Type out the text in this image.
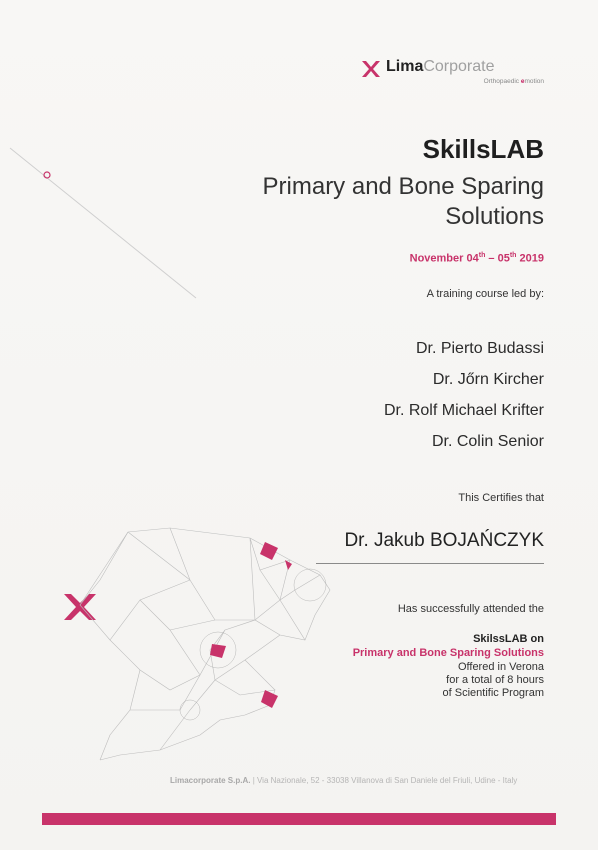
LimaCorporate
Orthopaedic emotion
SkillsLAB
Primary and Bone Sparing Solutions
November 04th – 05th 2019
A training course led by:
Dr. Pierto Budassi
Dr. Jőrn Kircher
Dr. Rolf Michael Krifter
Dr. Colin Senior
This Certifies that
Dr. Jakub BOJAŃCZYK
Has successfully attended the
SkilssLAB on
Primary and Bone Sparing Solutions
Offered in Verona
for a total of 8 hours
of Scientific Program
Limacorporate S.p.A. | Via Nazionale, 52 - 33038 Villanova di San Daniele del Friuli, Udine - Italy
